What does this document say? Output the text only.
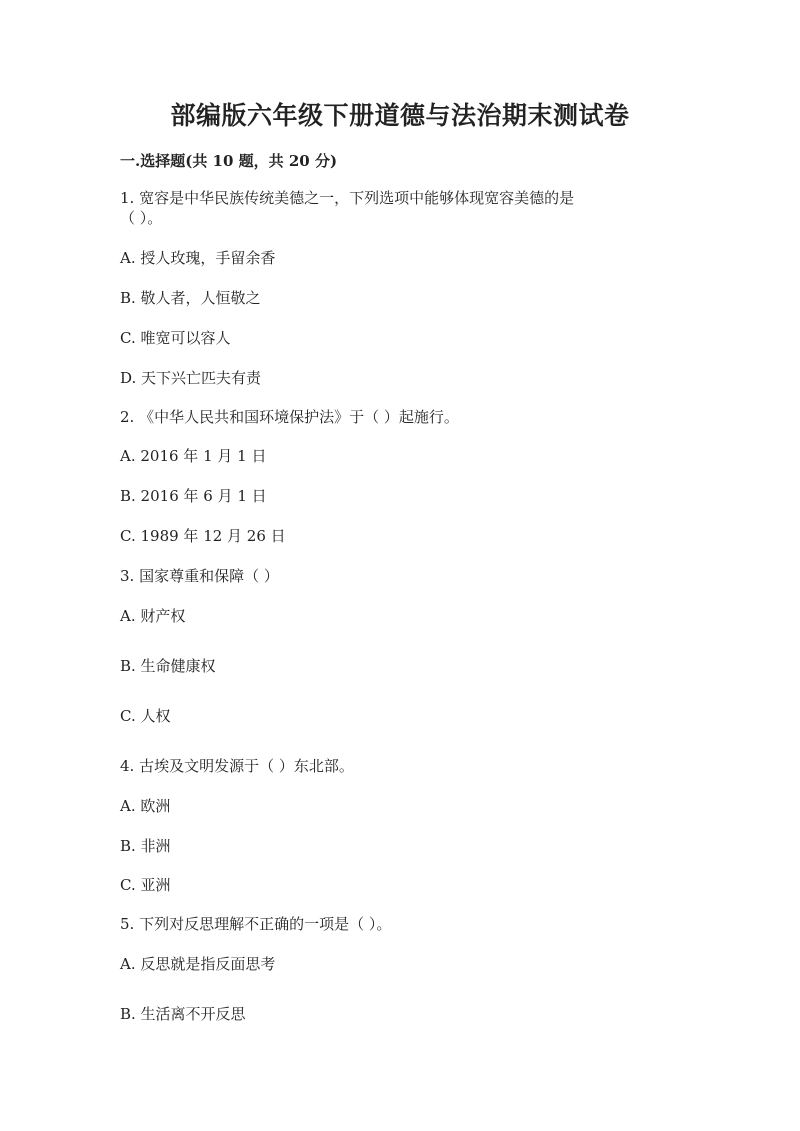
部编版六年级下册道德与法治期末测试卷
一.选择题(共 10 题，共 20 分)
1. 宽容是中华民族传统美德之一，下列选项中能够体现宽容美德的是
（ ）。
A. 授人玫瑰，手留余香
B. 敬人者，人恒敬之
C. 唯宽可以容人
D. 天下兴亡匹夫有责
2. 《中华人民共和国环境保护法》于（ ）起施行。
A. 2016 年 1 月 1 日
B. 2016 年 6 月 1 日
C. 1989 年 12 月 26 日
3. 国家尊重和保障（ ）
A. 财产权
B. 生命健康权
C. 人权
4. 古埃及文明发源于（ ）东北部。
A. 欧洲
B. 非洲
C. 亚洲
5. 下列对反思理解不正确的一项是（ ）。
A. 反思就是指反面思考
B. 生活离不开反思
